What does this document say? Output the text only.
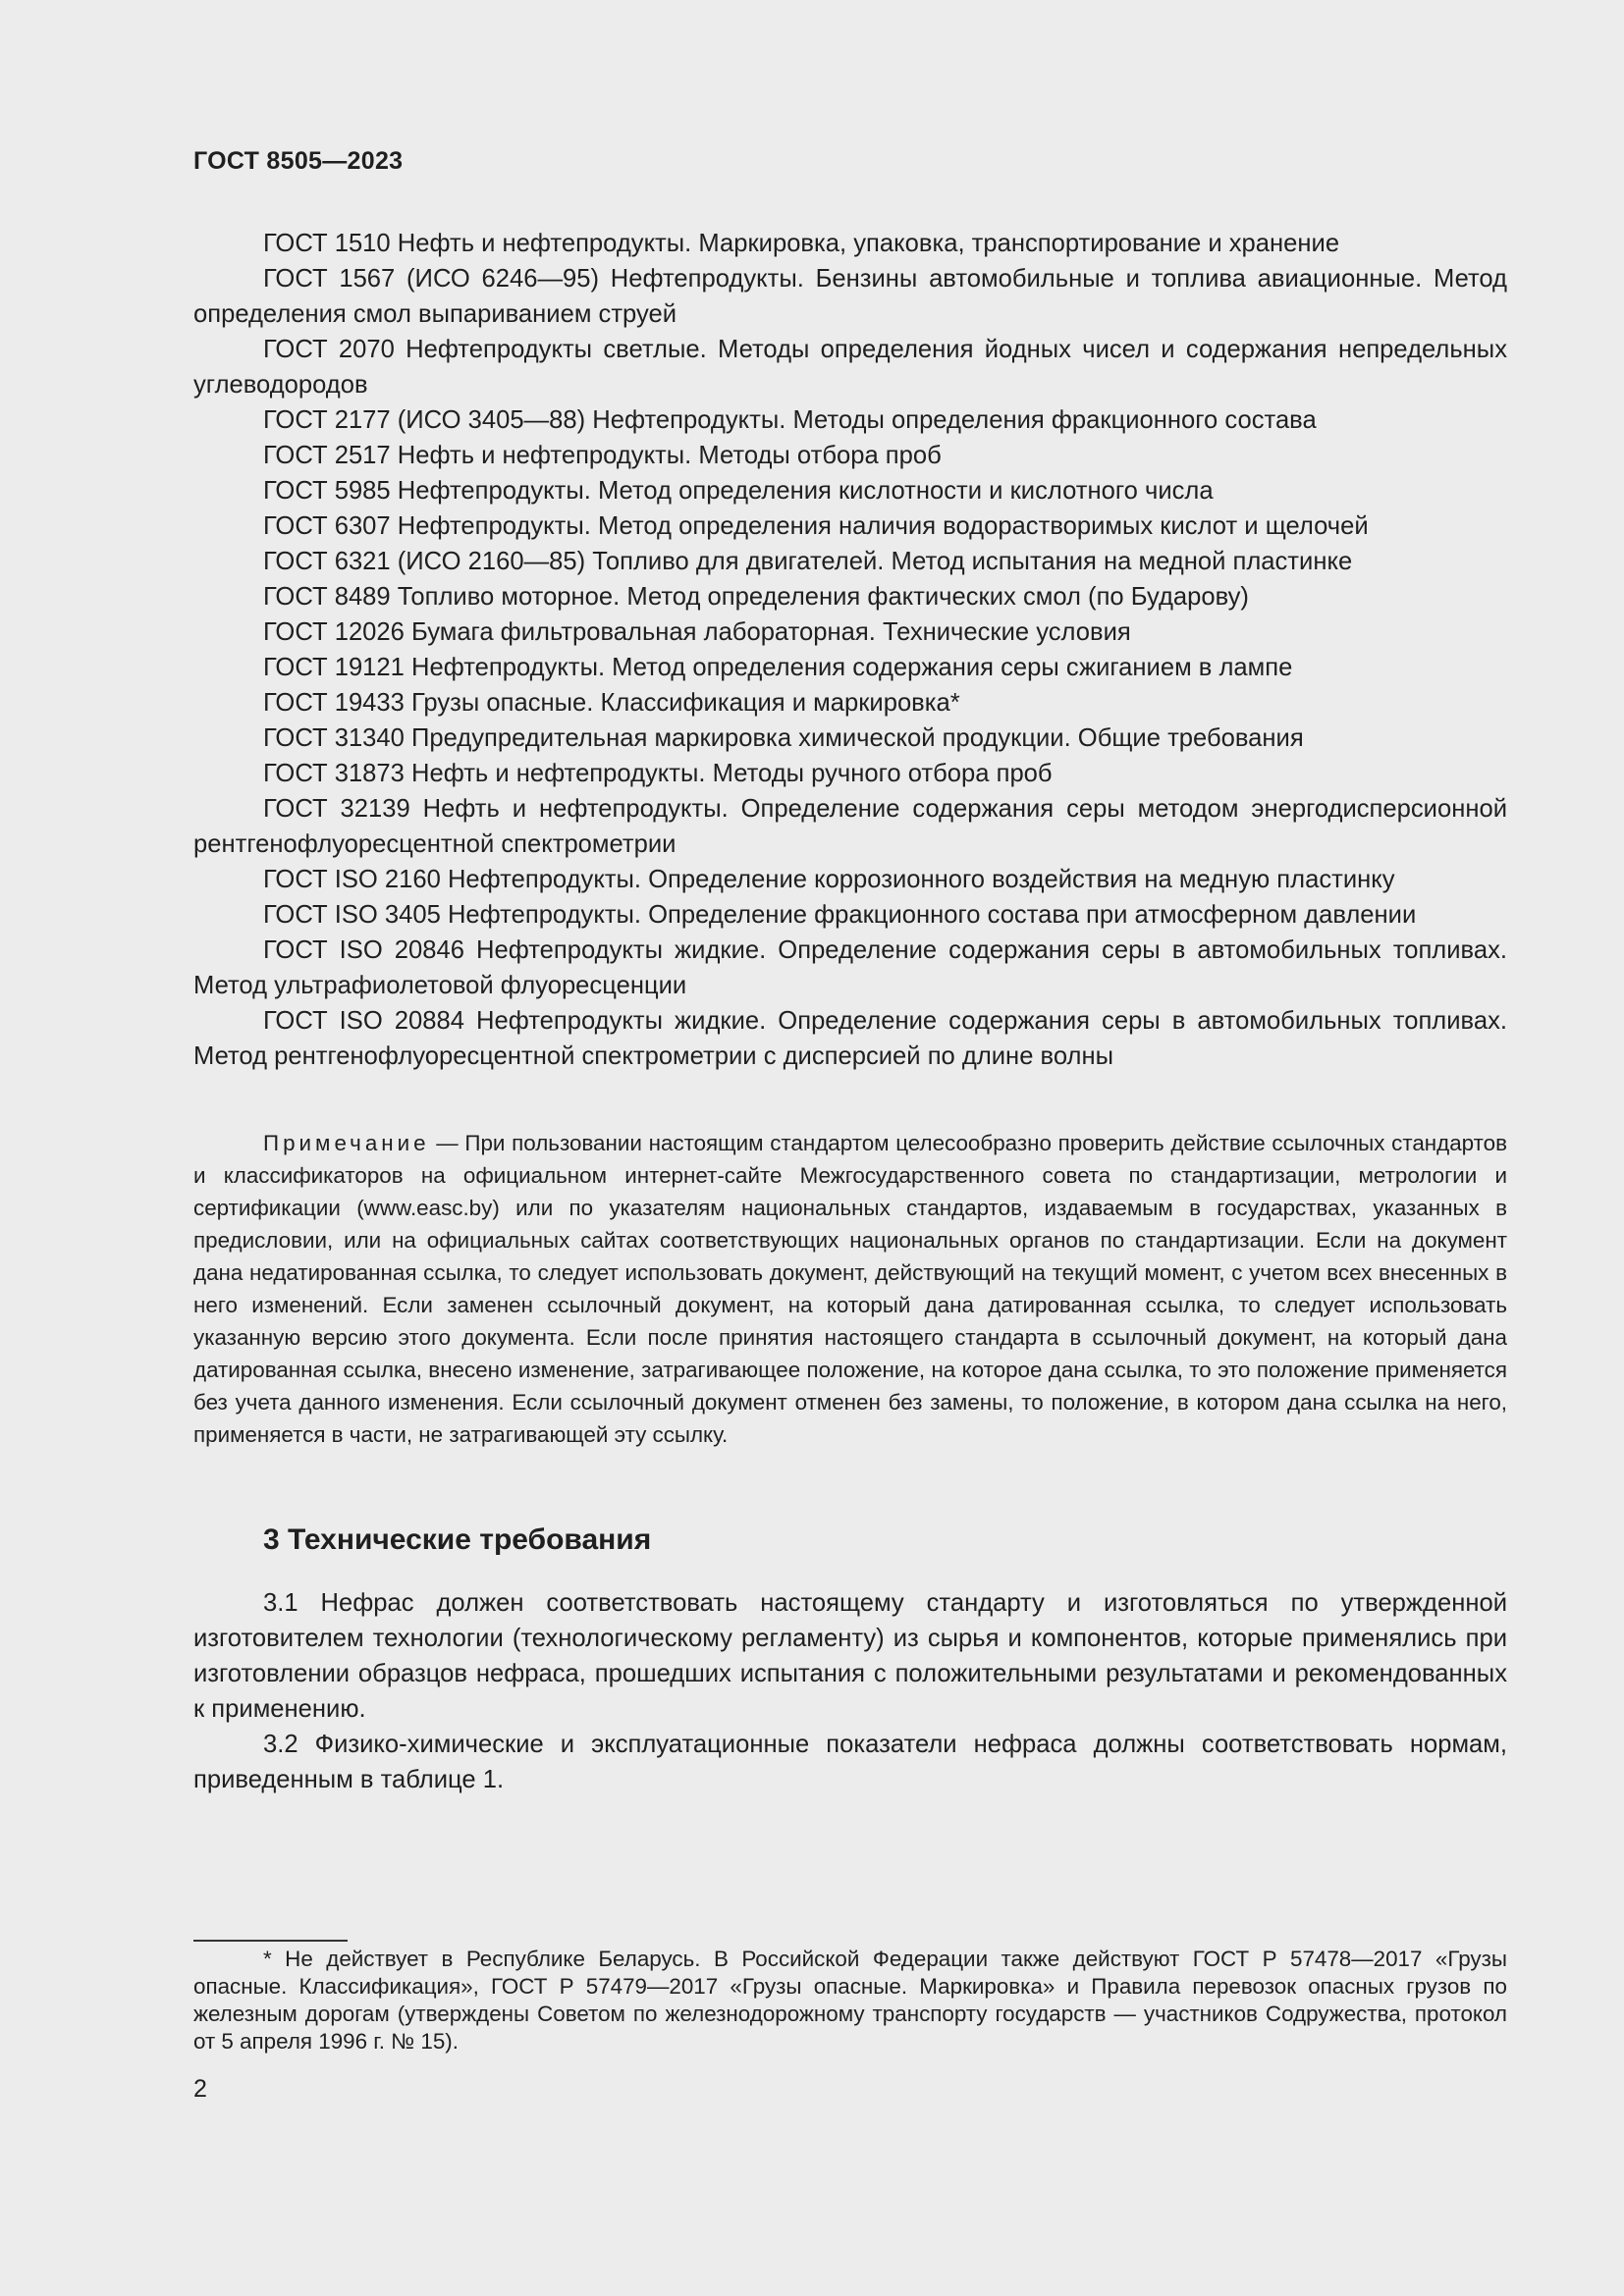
ГОСТ 8505—2023

ГОСТ 1510 Нефть и нефтепродукты. Маркировка, упаковка, транспортирование и хранение

ГОСТ 1567 (ИСО 6246—95) Нефтепродукты. Бензины автомобильные и топлива авиационные. Метод определения смол выпариванием струей

ГОСТ 2070 Нефтепродукты светлые. Методы определения йодных чисел и содержания непредельных углеводородов

ГОСТ 2177 (ИСО 3405—88) Нефтепродукты. Методы определения фракционного состава

ГОСТ 2517 Нефть и нефтепродукты. Методы отбора проб

ГОСТ 5985 Нефтепродукты. Метод определения кислотности и кислотного числа

ГОСТ 6307 Нефтепродукты. Метод определения наличия водорастворимых кислот и щелочей

ГОСТ 6321 (ИСО 2160—85) Топливо для двигателей. Метод испытания на медной пластинке

ГОСТ 8489 Топливо моторное. Метод определения фактических смол (по Бударову)

ГОСТ 12026 Бумага фильтровальная лабораторная. Технические условия

ГОСТ 19121 Нефтепродукты. Метод определения содержания серы сжиганием в лампе

ГОСТ 19433 Грузы опасные. Классификация и маркировка*

ГОСТ 31340 Предупредительная маркировка химической продукции. Общие требования

ГОСТ 31873 Нефть и нефтепродукты. Методы ручного отбора проб

ГОСТ 32139 Нефть и нефтепродукты. Определение содержания серы методом энергодисперсионной рентгенофлуоресцентной спектрометрии

ГОСТ ISO 2160 Нефтепродукты. Определение коррозионного воздействия на медную пластинку

ГОСТ ISO 3405 Нефтепродукты. Определение фракционного состава при атмосферном давлении

ГОСТ ISO 20846 Нефтепродукты жидкие. Определение содержания серы в автомобильных топливах. Метод ультрафиолетовой флуоресценции

ГОСТ ISO 20884 Нефтепродукты жидкие. Определение содержания серы в автомобильных топливах. Метод рентгенофлуоресцентной спектрометрии с дисперсией по длине волны

Примечание — При пользовании настоящим стандартом целесообразно проверить действие ссылочных стандартов и классификаторов на официальном интернет-сайте Межгосударственного совета по стандартизации, метрологии и сертификации (www.easc.by) или по указателям национальных стандартов, издаваемым в государствах, указанных в предисловии, или на официальных сайтах соответствующих национальных органов по стандартизации. Если на документ дана недатированная ссылка, то следует использовать документ, действующий на текущий момент, с учетом всех внесенных в него изменений. Если заменен ссылочный документ, на который дана датированная ссылка, то следует использовать указанную версию этого документа. Если после принятия настоящего стандарта в ссылочный документ, на который дана датированная ссылка, внесено изменение, затрагивающее положение, на которое дана ссылка, то это положение применяется без учета данного изменения. Если ссылочный документ отменен без замены, то положение, в котором дана ссылка на него, применяется в части, не затрагивающей эту ссылку.

3 Технические требования

3.1 Нефрас должен соответствовать настоящему стандарту и изготовляться по утвержденной изготовителем технологии (технологическому регламенту) из сырья и компонентов, которые применялись при изготовлении образцов нефраса, прошедших испытания с положительными результатами и рекомендованных к применению.

3.2 Физико-химические и эксплуатационные показатели нефраса должны соответствовать нормам, приведенным в таблице 1.

* Не действует в Республике Беларусь. В Российской Федерации также действуют ГОСТ Р 57478—2017 «Грузы опасные. Классификация», ГОСТ Р 57479—2017 «Грузы опасные. Маркировка» и Правила перевозок опасных грузов по железным дорогам (утверждены Советом по железнодорожному транспорту государств — участников Содружества, протокол от 5 апреля 1996 г. № 15).

2
